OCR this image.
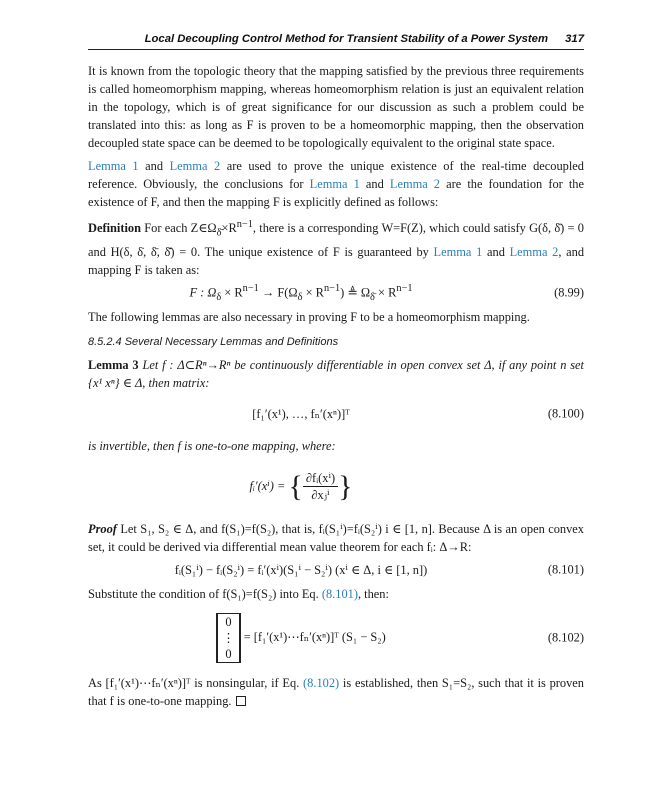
Local Decoupling Control Method for Transient Stability of a Power System 317

It is known from the topologic theory that the mapping satisfied by the previous three requirements is called homeomorphism mapping, whereas homeomorphism relation is just an equivalent relation in the topology, which is of great significance for our discussion as such a problem could be translated into this: as long as F is proven to be a homeomorphic mapping, then the observation decoupled state space can be deemed to be topologically equivalent to the original state space.

Lemma 1 and Lemma 2 are used to prove the unique existence of the real-time decoupled reference. Obviously, the conclusions for Lemma 1 and Lemma 2 are the foundation for the existence of F, and then the mapping F is explicitly defined as follows:

Definition For each $Z\in\Omega_{\deltā}\times R^{n-1}$, there is a corresponding W=F(Z), which could satisfy G(δ, δ̄) = 0 and H(δ, δ̇, δ̄, δ̄̇) = 0. The unique existence of F is guaranteed by Lemma 1 and Lemma 2, and mapping F is taken as:

F : $\Omega_\delta \times R^{n-1} \to F(\Omega_\delta \times R^{n-1})$ ≜ $\Omega_{\deltā} \times R^{n-1}$	(8.99)

The following lemmas are also necessary in proving F to be a homeomorphism mapping.

8.5.2.4 Several Necessary Lemmas and Definitions

Lemma 3 Let f : Δ⊂Rⁿ→Rⁿ be continuously differentiable in open convex set Δ, if any point n set {x¹ xⁿ} ∈ Δ, then matrix:

[f₁′(x¹), …, fₙ′(xⁿ)]ᵀ	(8.100)

is invertible, then f is one-to-one mapping, where:

fᵢ′(xⁱ) = { $\frac{\text{∂fᵢ(xⁱ)}}{\text{∂xⱼⁱ}}$ }

Proof Let S₁, S₂ ∈ Δ, and f(S₁)=f(S₂), that is, fᵢ(S₁ⁱ)=fᵢ(S₂ⁱ) i ∈ [1, n]. Because Δ is an open convex set, it could be derived via differential mean value theorem for each fᵢ: Δ→R:

fᵢ(S₁ⁱ) − fᵢ(S₂ⁱ) = fᵢ′(xⁱ)(S₁ⁱ − S₂ⁱ) (xⁱ ∈ Δ, i ∈ [1, n])	(8.101)

Substitute the condition of f(S₁)=f(S₂) into Eq. (8.101), then:

0
⋮
0
= [f₁′(x¹)⋯fₙ′(xⁿ)]ᵀ (S₁ − S₂)	(8.102)

As [f₁′(x¹)⋯fₙ′(xⁿ)]ᵀ is nonsingular, if Eq. (8.102) is established, then S₁=S₂, such that it is proven that f is one-to-one mapping.
